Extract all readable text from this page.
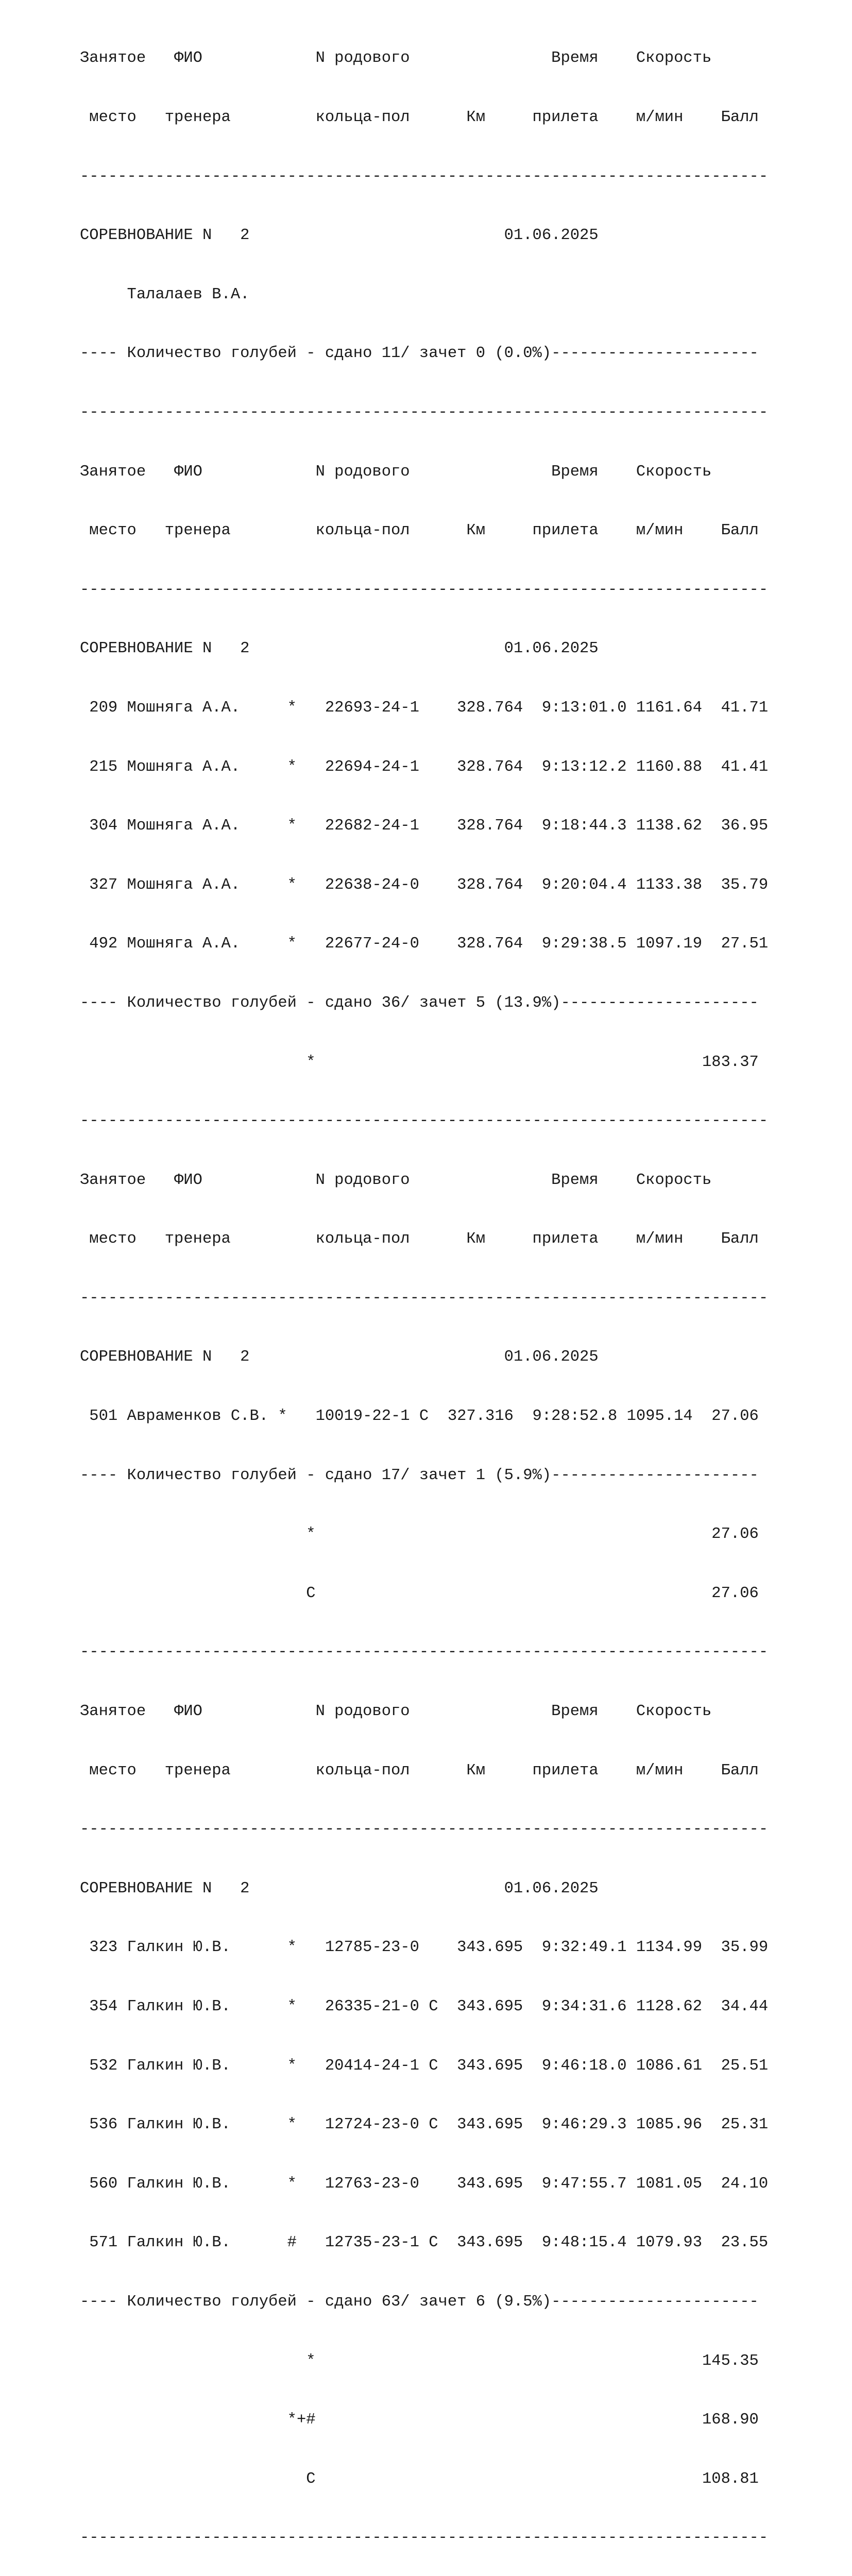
Занятое   ФИО            N родового               Время    Скорость

место   тренера         кольца-пол      Км     прилета    м/мин    Балл

-------------------------------------------------------------------------

СОРЕВНОВАНИЕ N   2                           01.06.2025

Талалаев В.А.

---- Количество голубей - сдано 11/ зачет 0 (0.0%)----------------------

-------------------------------------------------------------------------

Занятое   ФИО            N родового               Время    Скорость

место   тренера         кольца-пол      Км     прилета    м/мин    Балл

-------------------------------------------------------------------------

СОРЕВНОВАНИЕ N   2                           01.06.2025

209 Мошняга А.А.     *   22693-24-1    328.764  9:13:01.0 1161.64  41.71

215 Мошняга А.А.     *   22694-24-1    328.764  9:13:12.2 1160.88  41.41

304 Мошняга А.А.     *   22682-24-1    328.764  9:18:44.3 1138.62  36.95

327 Мошняга А.А.     *   22638-24-0    328.764  9:20:04.4 1133.38  35.79

492 Мошняга А.А.     *   22677-24-0    328.764  9:29:38.5 1097.19  27.51

---- Количество голубей - сдано 36/ зачет 5 (13.9%)---------------------

*                                         183.37

-------------------------------------------------------------------------

Занятое   ФИО            N родового               Время    Скорость

место   тренера         кольца-пол      Км     прилета    м/мин    Балл

-------------------------------------------------------------------------

СОРЕВНОВАНИЕ N   2                           01.06.2025

501 Авраменков С.В. *   10019-22-1 С  327.316  9:28:52.8 1095.14  27.06

---- Количество голубей - сдано 17/ зачет 1 (5.9%)----------------------

*                                          27.06

С                                          27.06

-------------------------------------------------------------------------

Занятое   ФИО            N родового               Время    Скорость

место   тренера         кольца-пол      Км     прилета    м/мин    Балл

-------------------------------------------------------------------------

СОРЕВНОВАНИЕ N   2                           01.06.2025

323 Галкин Ю.В.      *   12785-23-0    343.695  9:32:49.1 1134.99  35.99

354 Галкин Ю.В.      *   26335-21-0 С  343.695  9:34:31.6 1128.62  34.44

532 Галкин Ю.В.      *   20414-24-1 С  343.695  9:46:18.0 1086.61  25.51

536 Галкин Ю.В.      *   12724-23-0 С  343.695  9:46:29.3 1085.96  25.31

560 Галкин Ю.В.      *   12763-23-0    343.695  9:47:55.7 1081.05  24.10

571 Галкин Ю.В.      #   12735-23-1 С  343.695  9:48:15.4 1079.93  23.55

---- Количество голубей - сдано 63/ зачет 6 (9.5%)----------------------

*                                         145.35

*+#                                         168.90

С                                         108.81

-------------------------------------------------------------------------
